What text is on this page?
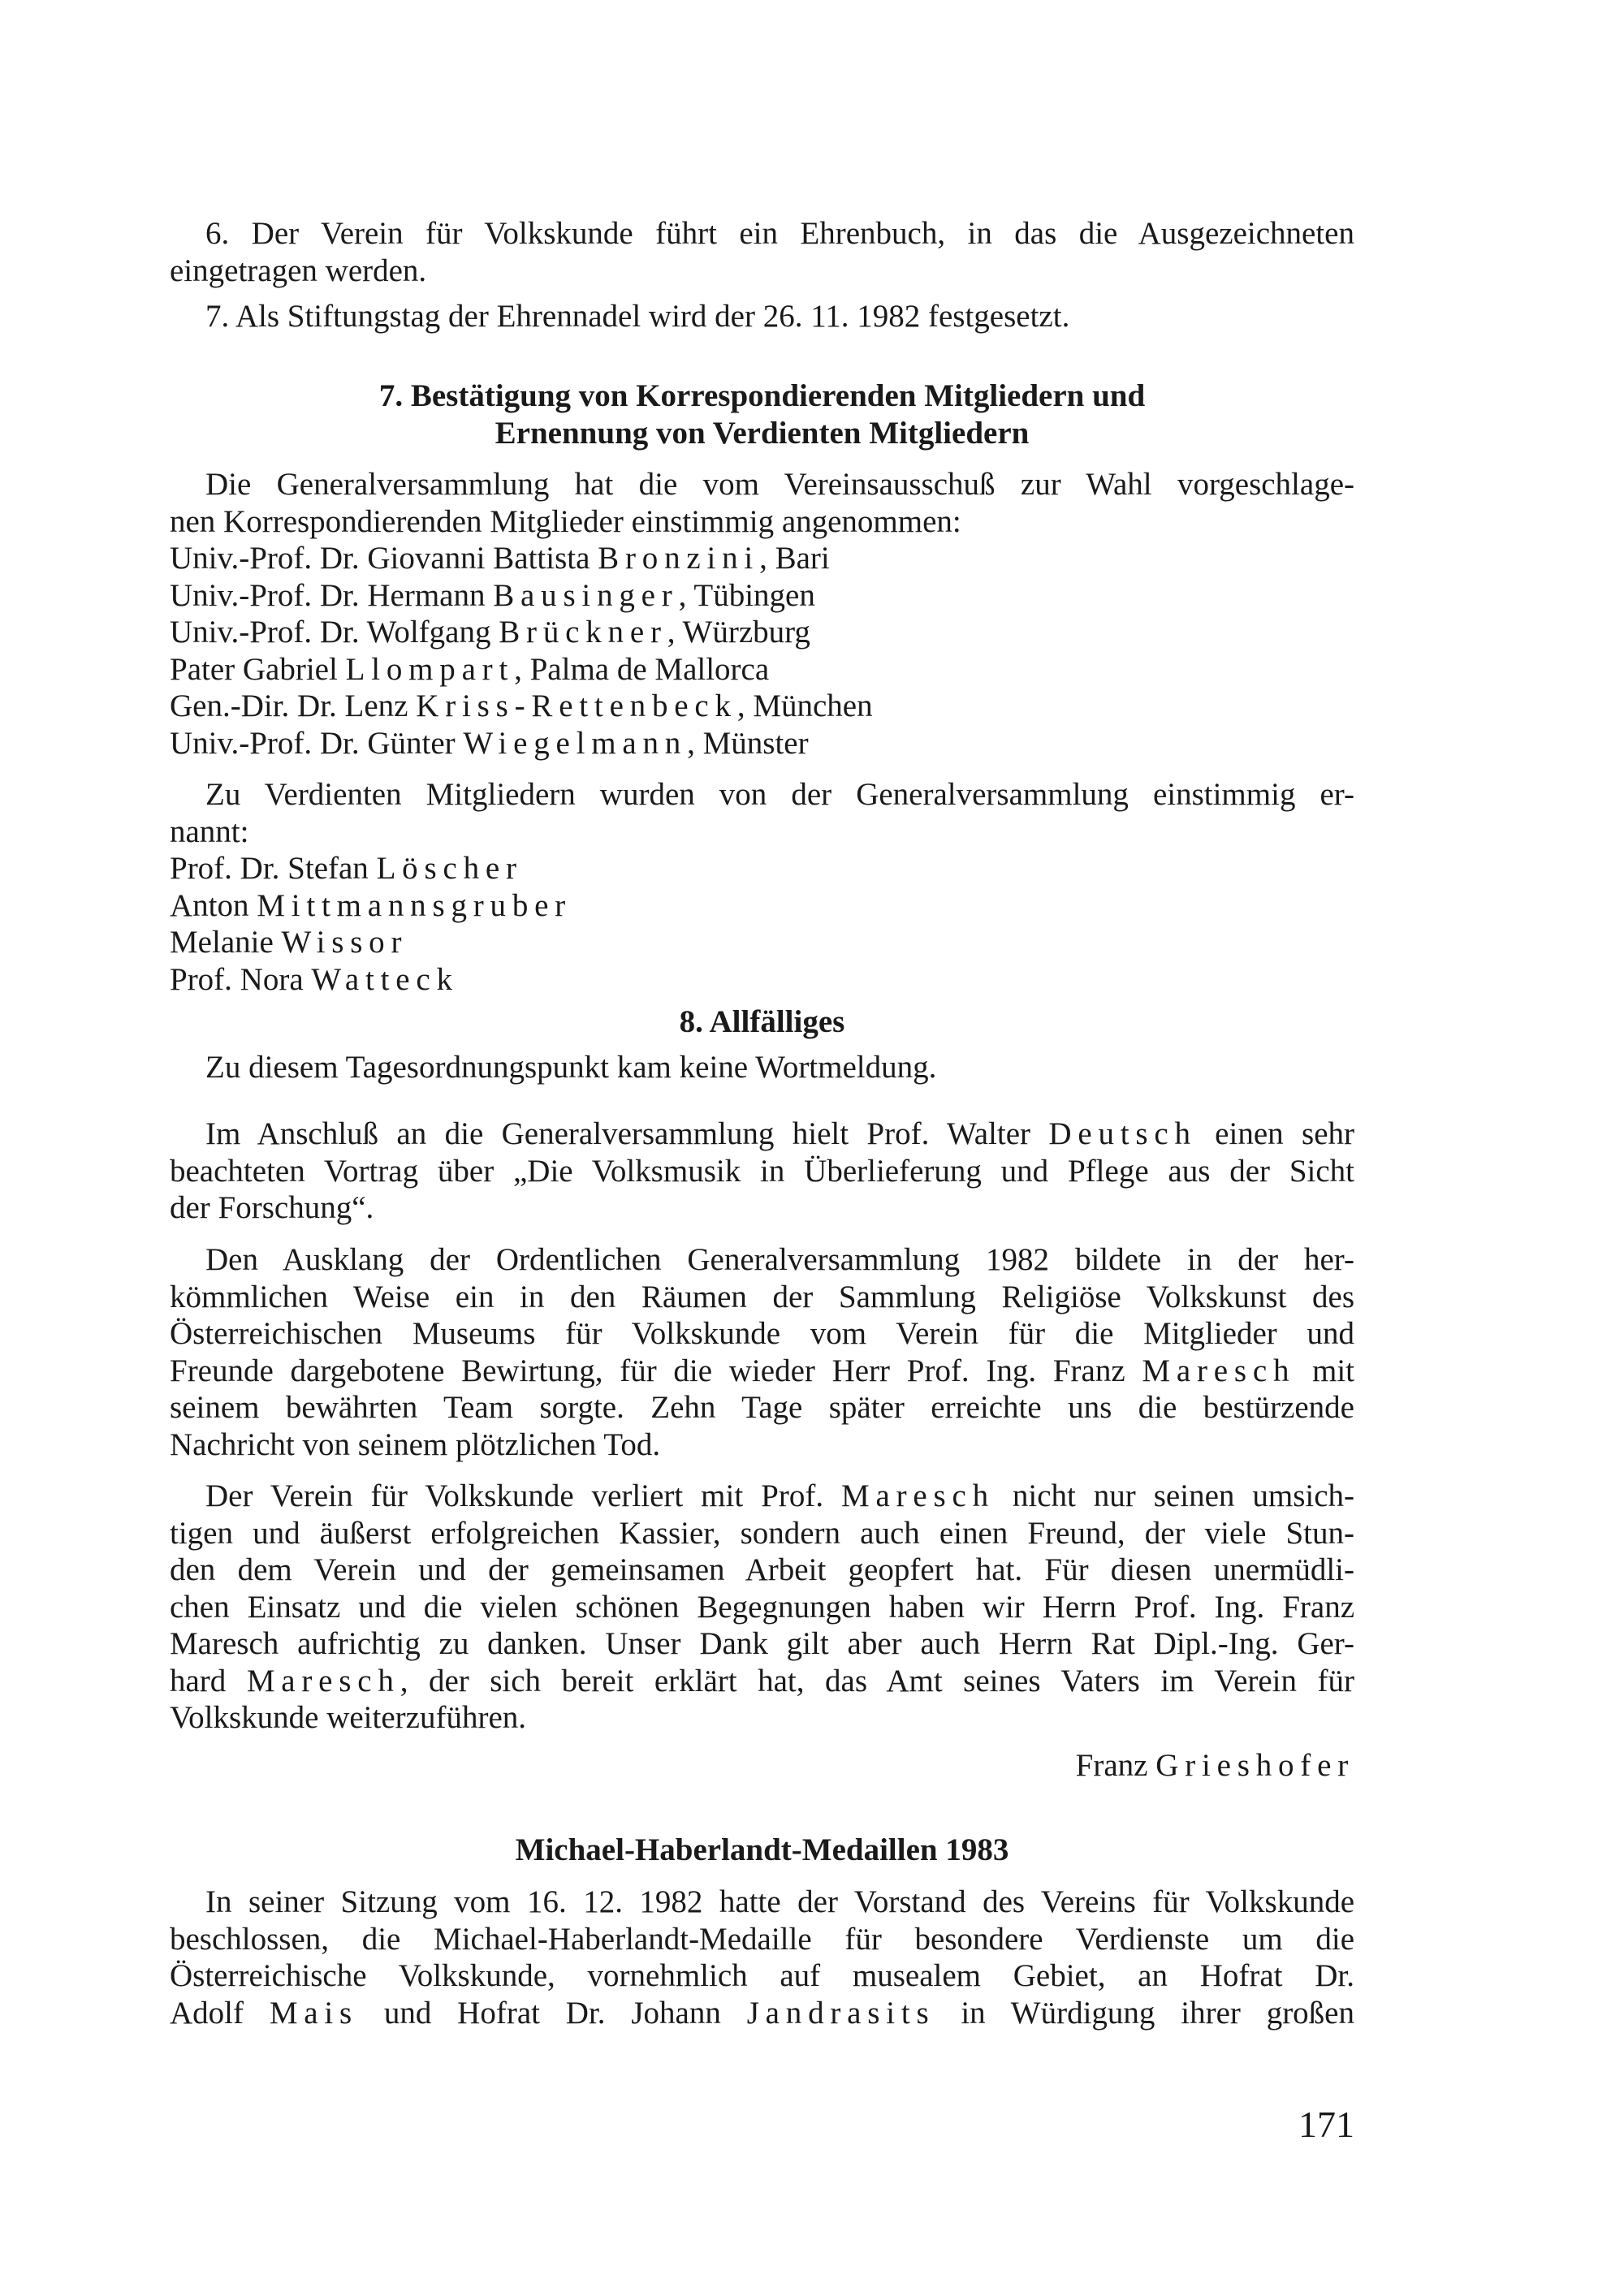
6. Der Verein für Volkskunde führt ein Ehrenbuch, in das die Ausgezeichneten
eingetragen werden.
7. Als Stiftungstag der Ehrennadel wird der 26. 11. 1982 festgesetzt.
7. Bestätigung von Korrespondierenden Mitgliedern und
Ernennung von Verdienten Mitgliedern
Die Generalversammlung hat die vom Vereinsausschuß zur Wahl vorgeschlage-
nen Korrespondierenden Mitglieder einstimmig angenommen:
Univ.-Prof. Dr. Giovanni Battista Bronzini, Bari
Univ.-Prof. Dr. Hermann Bausinger, Tübingen
Univ.-Prof. Dr. Wolfgang Brückner, Würzburg
Pater Gabriel Llompart, Palma de Mallorca
Gen.-Dir. Dr. Lenz Kriss-Rettenbeck, München
Univ.-Prof. Dr. Günter Wiegelmann, Münster
Zu Verdienten Mitgliedern wurden von der Generalversammlung einstimmig er-
nannt:
Prof. Dr. Stefan Löscher
Anton Mittmannsgruber
Melanie Wissor
Prof. Nora Watteck
8. Allfälliges
Zu diesem Tagesordnungspunkt kam keine Wortmeldung.
Im Anschluß an die Generalversammlung hielt Prof. Walter Deutsch einen sehr
beachteten Vortrag über „Die Volksmusik in Überlieferung und Pflege aus der Sicht
der Forschung“.
Den Ausklang der Ordentlichen Generalversammlung 1982 bildete in der her-
kömmlichen Weise ein in den Räumen der Sammlung Religiöse Volkskunst des
Österreichischen Museums für Volkskunde vom Verein für die Mitglieder und
Freunde dargebotene Bewirtung, für die wieder Herr Prof. Ing. Franz Maresch mit
seinem bewährten Team sorgte. Zehn Tage später erreichte uns die bestürzende
Nachricht von seinem plötzlichen Tod.
Der Verein für Volkskunde verliert mit Prof. Maresch nicht nur seinen umsich-
tigen und äußerst erfolgreichen Kassier, sondern auch einen Freund, der viele Stun-
den dem Verein und der gemeinsamen Arbeit geopfert hat. Für diesen unermüdli-
chen Einsatz und die vielen schönen Begegnungen haben wir Herrn Prof. Ing. Franz
Maresch aufrichtig zu danken. Unser Dank gilt aber auch Herrn Rat Dipl.-Ing. Ger-
hard Maresch, der sich bereit erklärt hat, das Amt seines Vaters im Verein für
Volkskunde weiterzuführen.
Franz Grieshofer
Michael-Haberlandt-Medaillen 1983
In seiner Sitzung vom 16. 12. 1982 hatte der Vorstand des Vereins für Volkskunde
beschlossen, die Michael-Haberlandt-Medaille für besondere Verdienste um die
Österreichische Volkskunde, vornehmlich auf musealem Gebiet, an Hofrat Dr.
Adolf Mais und Hofrat Dr. Johann Jandrasits in Würdigung ihrer großen
171
